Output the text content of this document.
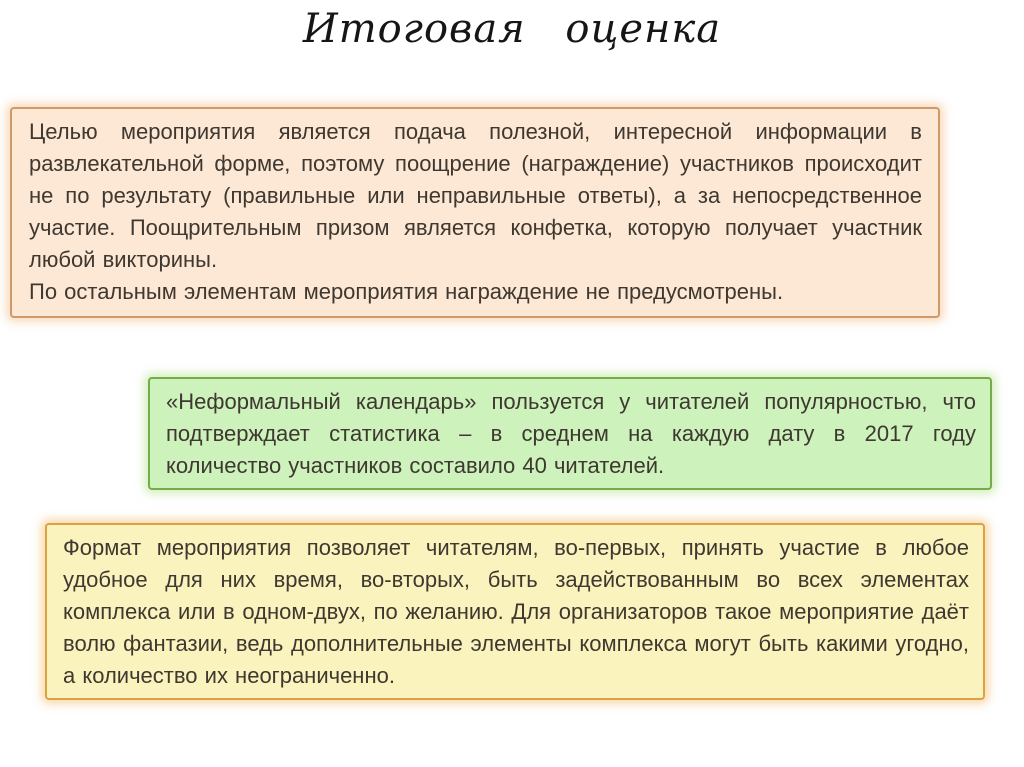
Итоговая оценка

Целью мероприятия является подача полезной, интересной информации в развлекательной форме, поэтому поощрение (награждение) участников происходит не по результату (правильные или неправильные ответы), а за непосредственное участие. Поощрительным призом является конфетка, которую получает участник любой викторины.

По остальным элементам мероприятия награждение не предусмотрены.

«Неформальный календарь» пользуется у читателей популярностью, что подтверждает статистика – в среднем на каждую дату в 2017 году количество участников составило 40 читателей.

Формат мероприятия позволяет читателям, во-первых, принять участие в любое удобное для них время, во-вторых, быть задействованным во всех элементах комплекса или в одном-двух, по желанию. Для организаторов такое мероприятие даёт волю фантазии, ведь дополнительные элементы комплекса могут быть какими угодно, а количество их неограниченно.
